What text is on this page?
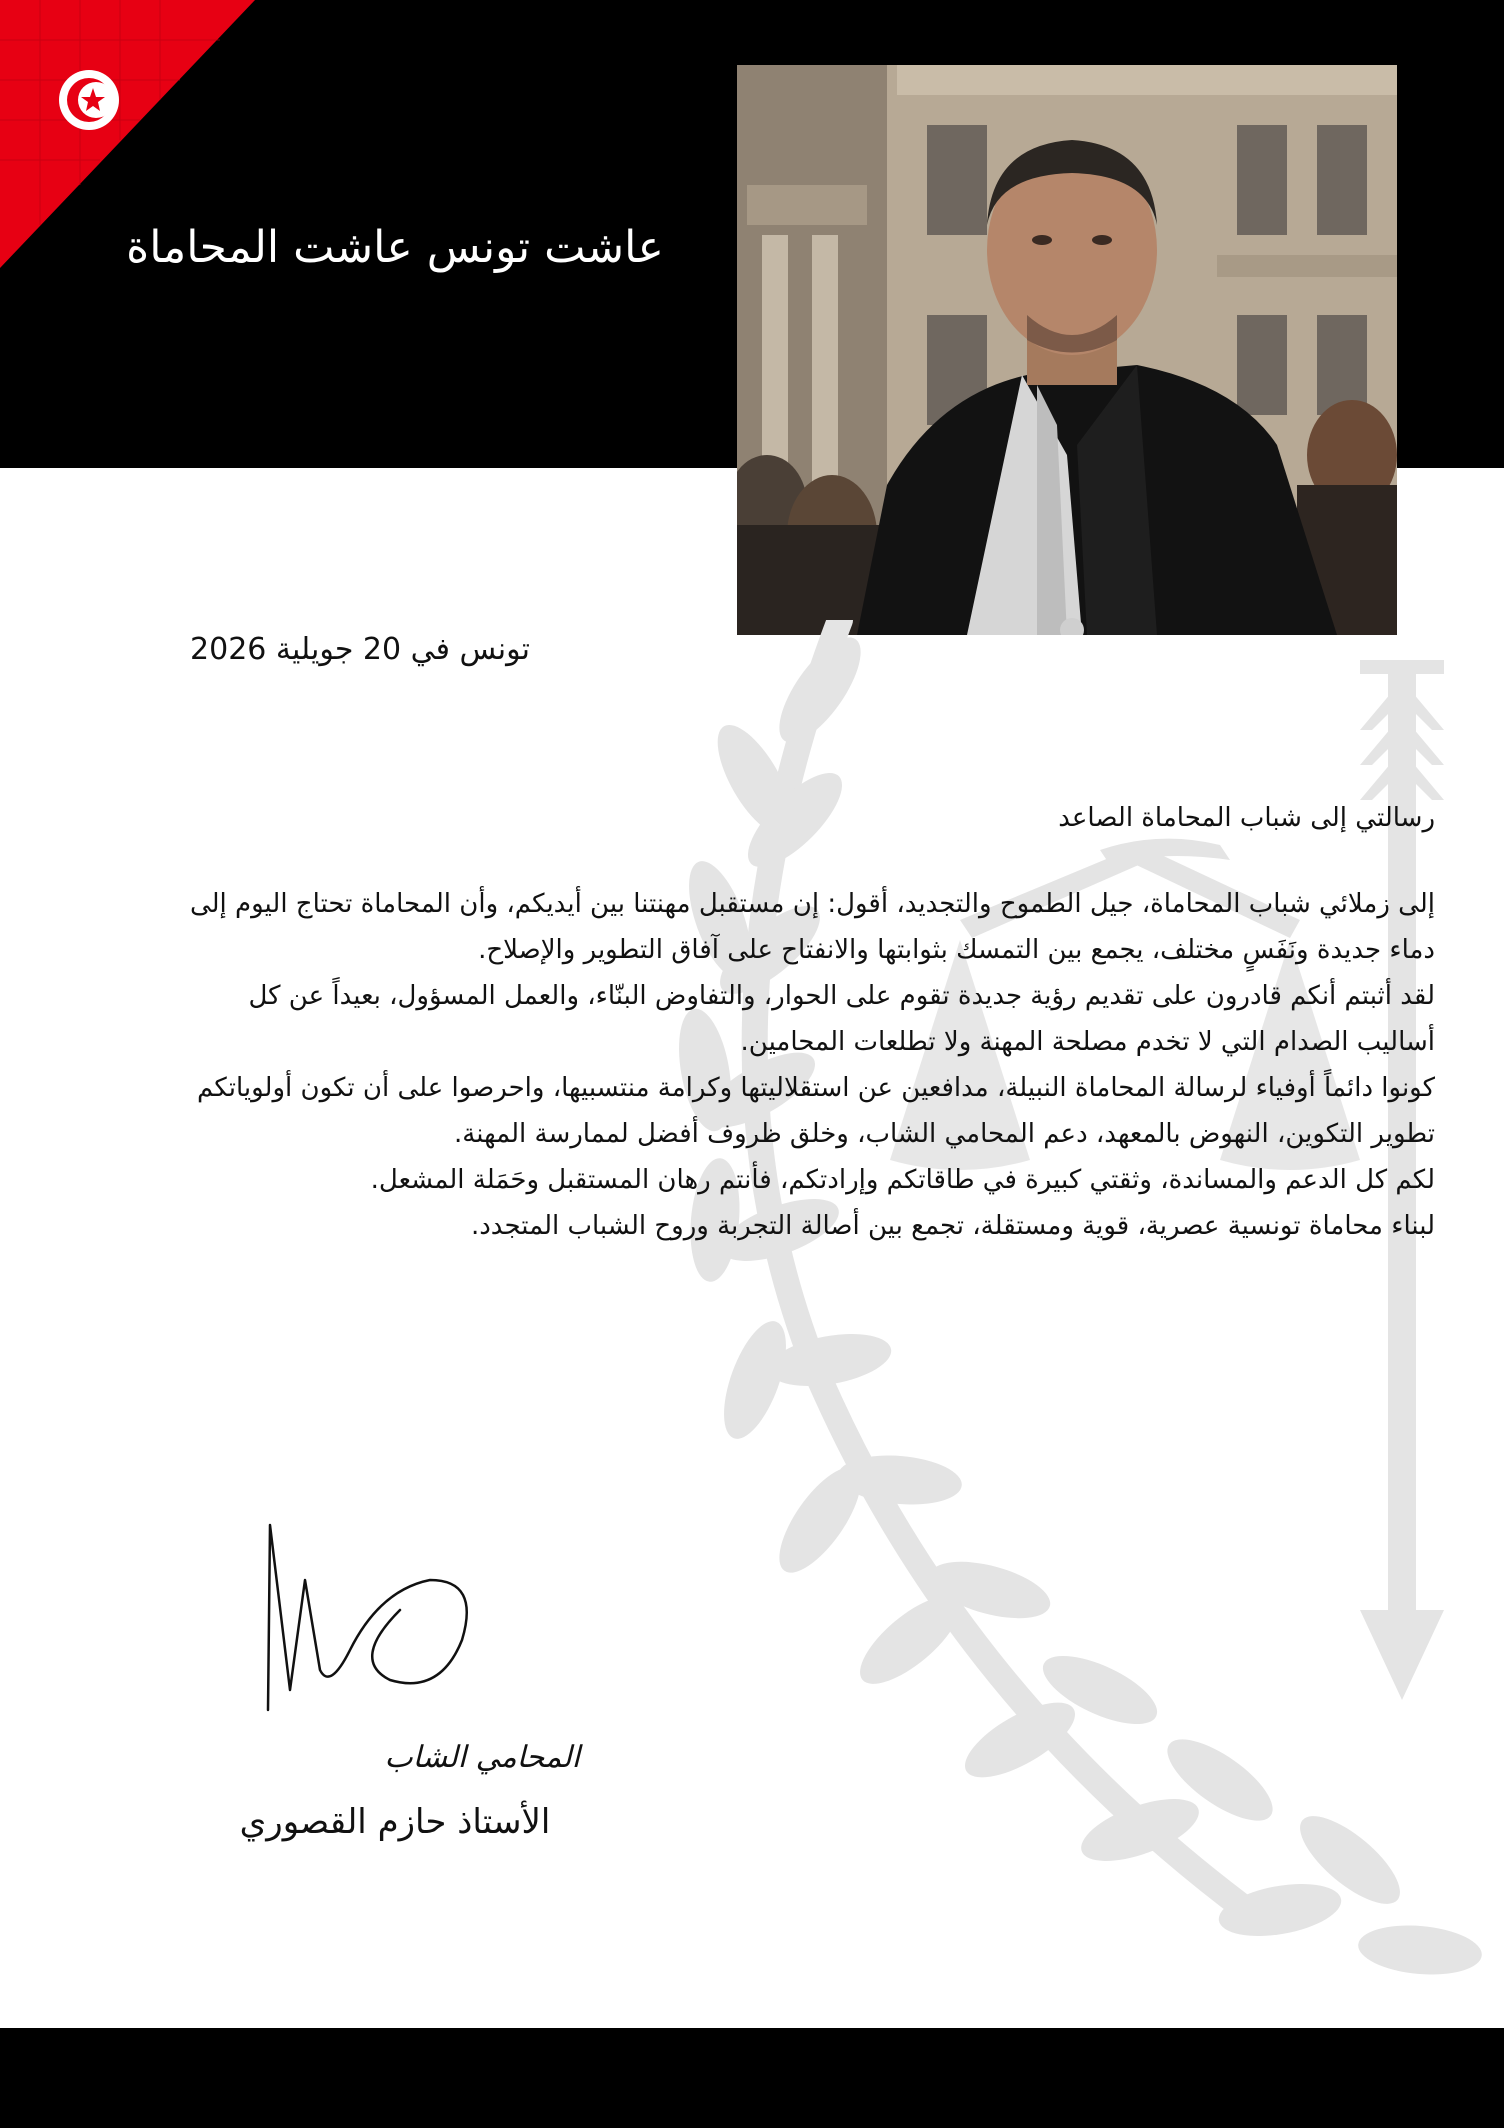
عاشت تونس عاشت المحاماة
تونس في 20 جويلية 2026

رسالتي إلى شباب المحاماة الصاعد

إلى زملائي شباب المحاماة، جيل الطموح والتجديد، أقول: إن مستقبل مهنتنا بين أيديكم، وأن المحاماة تحتاج اليوم إلى دماء جديدة ونَفَسٍ مختلف، يجمع بين التمسك بثوابتها والانفتاح على آفاق التطوير والإصلاح.

لقد أثبتم أنكم قادرون على تقديم رؤية جديدة تقوم على الحوار، والتفاوض البنّاء، والعمل المسؤول، بعيداً عن كل أساليب الصدام التي لا تخدم مصلحة المهنة ولا تطلعات المحامين.

كونوا دائماً أوفياء لرسالة المحاماة النبيلة، مدافعين عن استقلاليتها وكرامة منتسبيها، واحرصوا على أن تكون أولوياتكم تطوير التكوين، النهوض بالمعهد، دعم المحامي الشاب، وخلق ظروف أفضل لممارسة المهنة.

لكم كل الدعم والمساندة، وثقتي كبيرة في طاقاتكم وإرادتكم، فأنتم رهان المستقبل وحَمَلة المشعل.

لبناء محاماة تونسية عصرية، قوية ومستقلة، تجمع بين أصالة التجربة وروح الشباب المتجدد.

المحامي الشاب
الأستاذ حازم القصوري
